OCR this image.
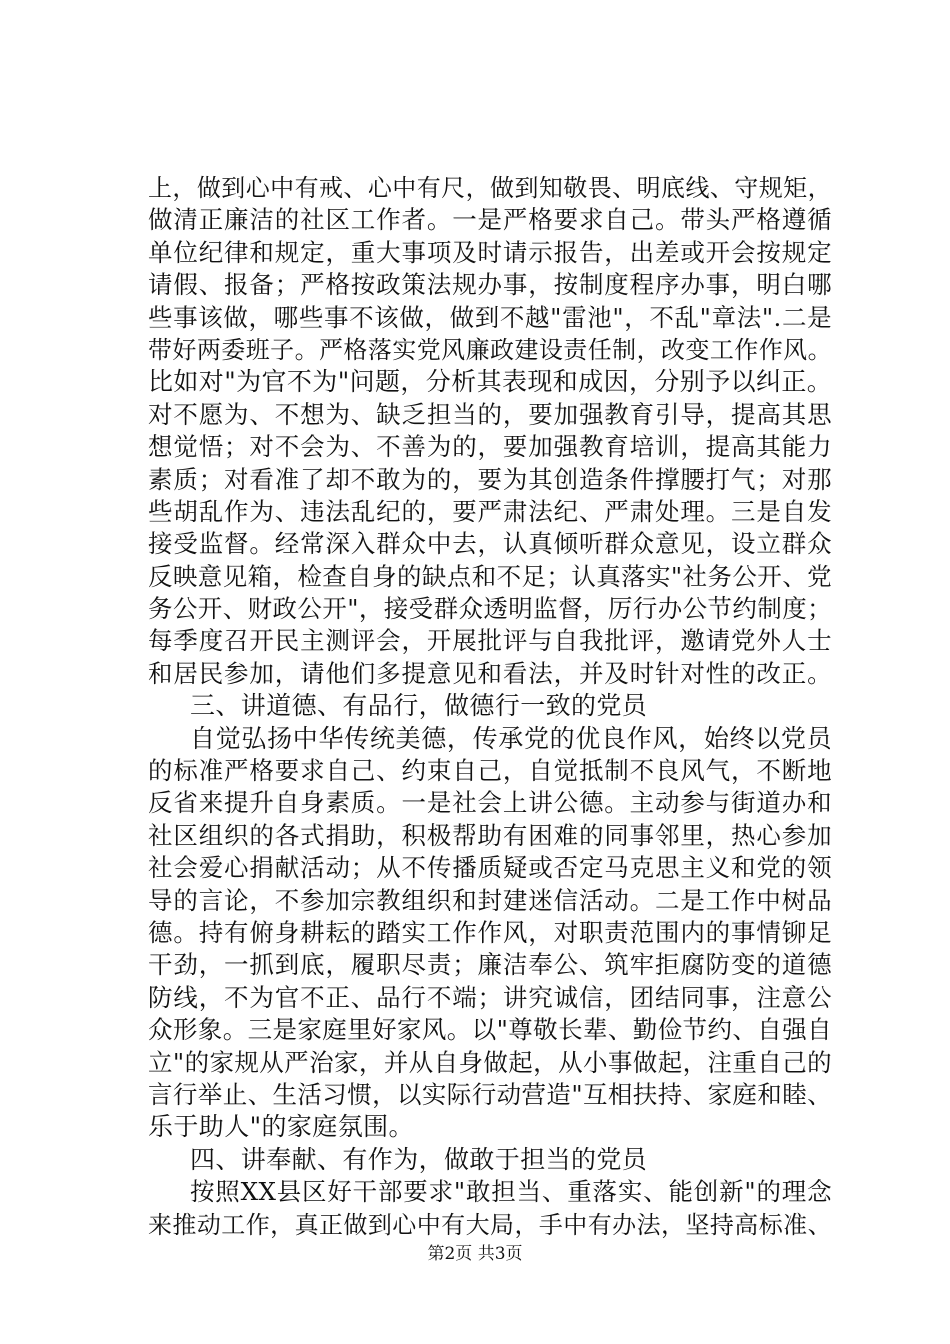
上，做到心中有戒、心中有尺，做到知敬畏、明底线、守规矩，
做清正廉洁的社区工作者。一是严格要求自己。带头严格遵循
单位纪律和规定，重大事项及时请示报告，出差或开会按规定
请假、报备；严格按政策法规办事，按制度程序办事，明白哪
些事该做，哪些事不该做，做到不越"雷池"，不乱"章法".二是
带好两委班子。严格落实党风廉政建设责任制，改变工作作风。
比如对"为官不为"问题，分析其表现和成因，分别予以纠正。
对不愿为、不想为、缺乏担当的，要加强教育引导，提高其思
想觉悟；对不会为、不善为的，要加强教育培训，提高其能力
素质；对看准了却不敢为的，要为其创造条件撑腰打气；对那
些胡乱作为、违法乱纪的，要严肃法纪、严肃处理。三是自发
接受监督。经常深入群众中去，认真倾听群众意见，设立群众
反映意见箱，检查自身的缺点和不足；认真落实"社务公开、党
务公开、财政公开"，接受群众透明监督，厉行办公节约制度；
每季度召开民主测评会，开展批评与自我批评，邀请党外人士
和居民参加，请他们多提意见和看法，并及时针对性的改正。
三、讲道德、有品行，做德行一致的党员
自觉弘扬中华传统美德，传承党的优良作风，始终以党员
的标准严格要求自己、约束自己，自觉抵制不良风气，不断地
反省来提升自身素质。一是社会上讲公德。主动参与街道办和
社区组织的各式捐助，积极帮助有困难的同事邻里，热心参加
社会爱心捐献活动；从不传播质疑或否定马克思主义和党的领
导的言论，不参加宗教组织和封建迷信活动。二是工作中树品
德。持有俯身耕耘的踏实工作作风，对职责范围内的事情铆足
干劲，一抓到底，履职尽责；廉洁奉公、筑牢拒腐防变的道德
防线，不为官不正、品行不端；讲究诚信，团结同事，注意公
众形象。三是家庭里好家风。以"尊敬长辈、勤俭节约、自强自
立"的家规从严治家，并从自身做起，从小事做起，注重自己的
言行举止、生活习惯，以实际行动营造"互相扶持、家庭和睦、
乐于助人"的家庭氛围。
四、讲奉献、有作为，做敢于担当的党员
按照XX县区好干部要求"敢担当、重落实、能创新"的理念
来推动工作，真正做到心中有大局，手中有办法，坚持高标准、
第2页 共3页
